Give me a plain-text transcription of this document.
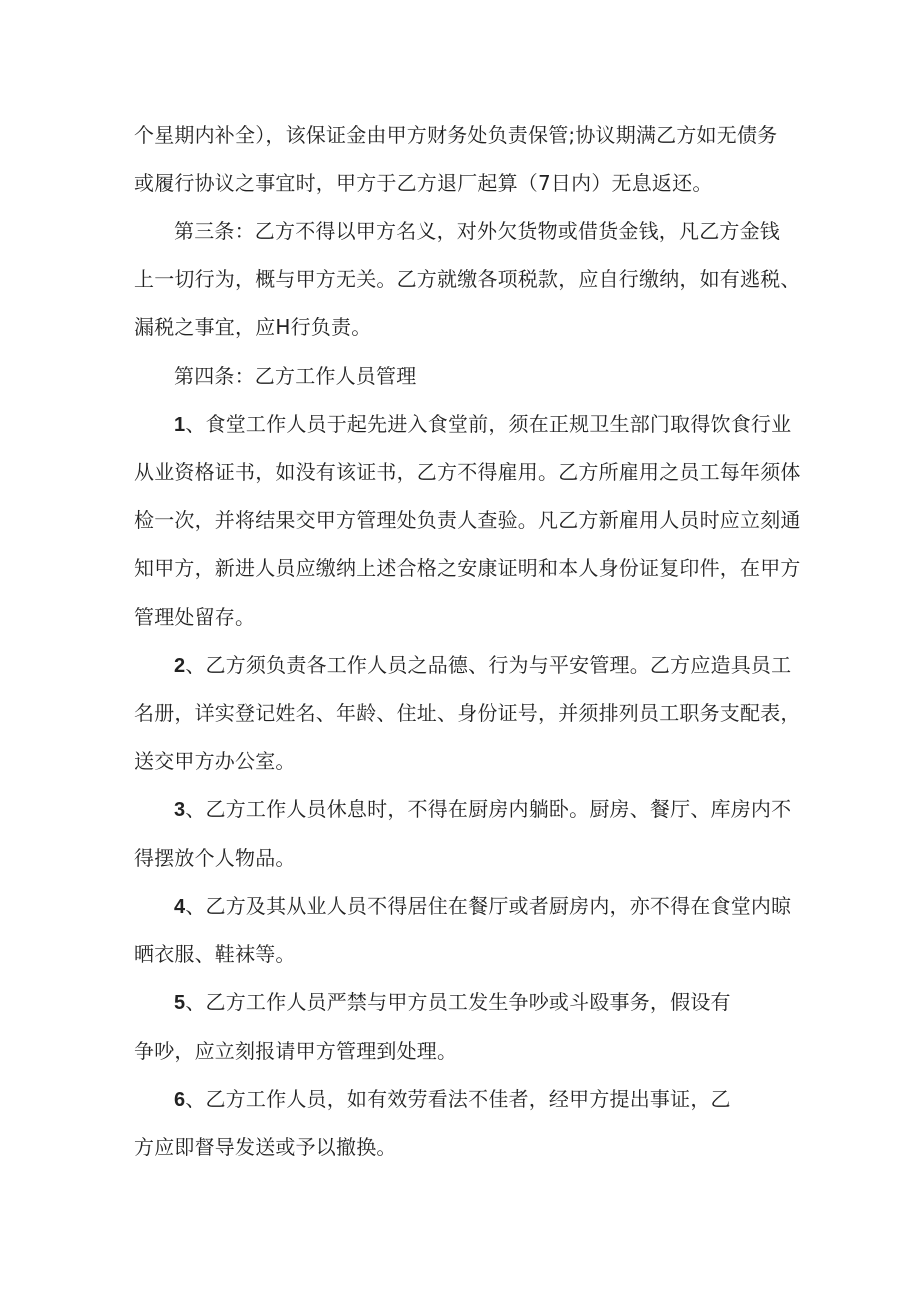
个星期内补全），该保证金由甲方财务处负责保管;协议期满乙方如无债务
或履行协议之事宜时，甲方于乙方退厂起算（7日内）无息返还。
第三条：乙方不得以甲方名义，对外欠货物或借货金钱，凡乙方金钱
上一切行为，概与甲方无关。乙方就缴各项税款，应自行缴纳，如有逃税、
漏税之事宜，应H行负责。
第四条：乙方工作人员管理
1、食堂工作人员于起先进入食堂前，须在正规卫生部门取得饮食行业
从业资格证书，如没有该证书，乙方不得雇用。乙方所雇用之员工每年须体
检一次，并将结果交甲方管理处负责人查验。凡乙方新雇用人员时应立刻通
知甲方，新进人员应缴纳上述合格之安康证明和本人身份证复印件，在甲方
管理处留存。
2、乙方须负责各工作人员之品德、行为与平安管理。乙方应造具员工
名册，详实登记姓名、年龄、住址、身份证号，并须排列员工职务支配表，
送交甲方办公室。
3、乙方工作人员休息时，不得在厨房内躺卧。厨房、餐厅、库房内不
得摆放个人物品。
4、乙方及其从业人员不得居住在餐厅或者厨房内，亦不得在食堂内晾
晒衣服、鞋袜等。
5、乙方工作人员严禁与甲方员工发生争吵或斗殴事务，假设有
争吵，应立刻报请甲方管理到处理。
6、乙方工作人员，如有效劳看法不佳者，经甲方提出事证，乙
方应即督导发送或予以撤换。
